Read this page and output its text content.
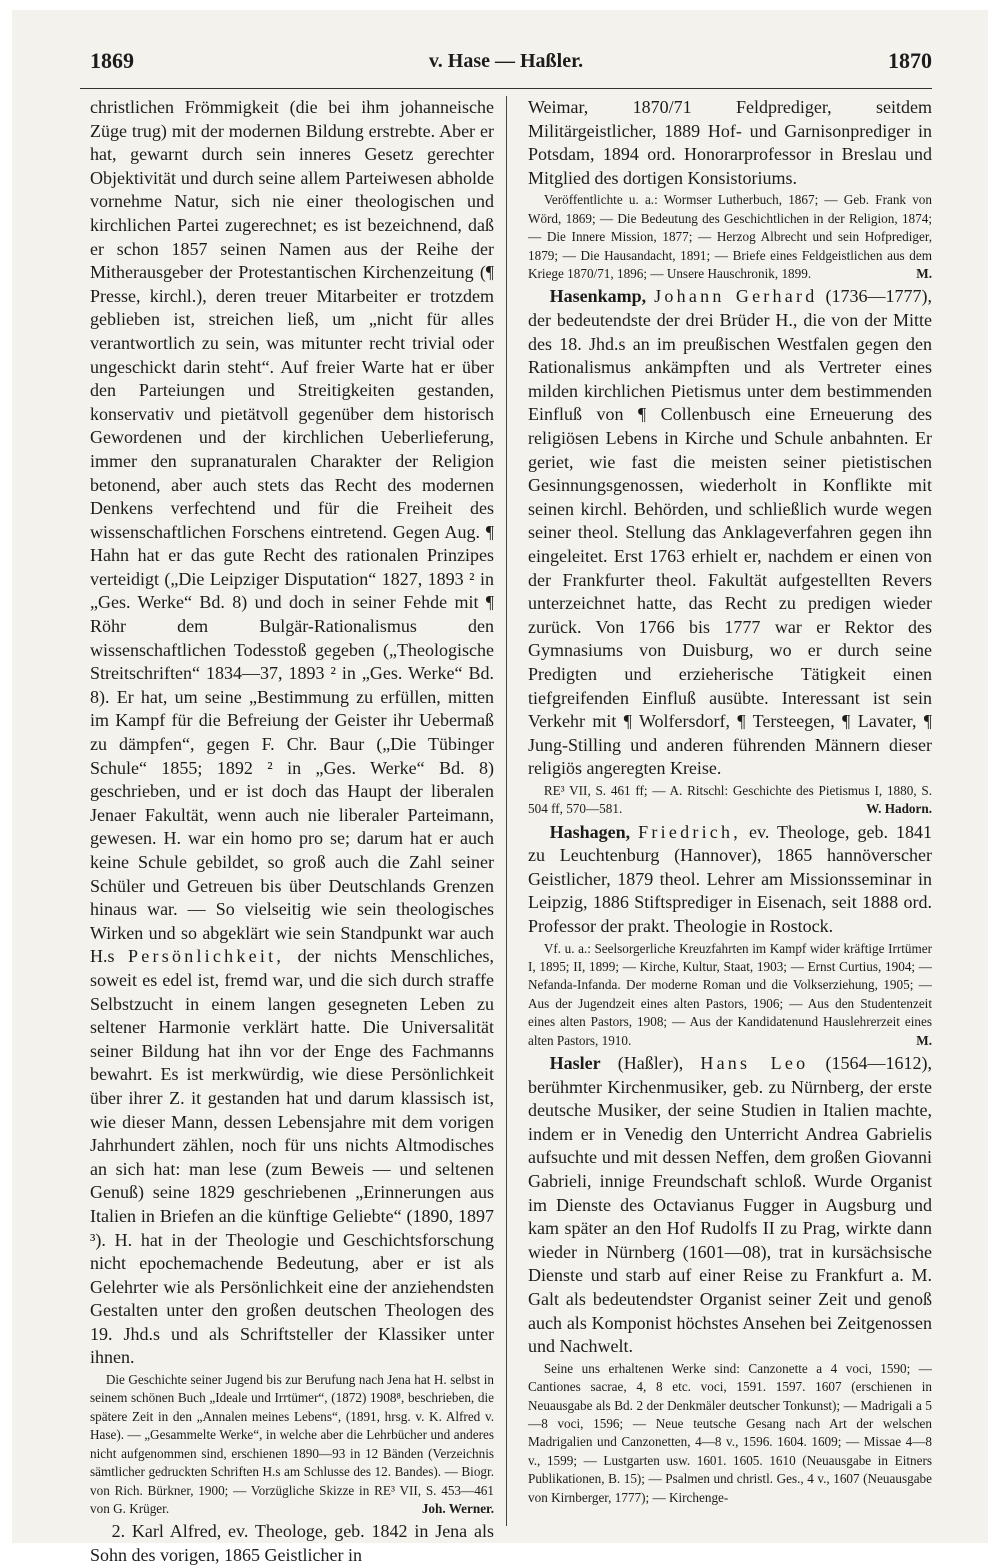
1869	v. Hase — Haßler.	1870

christlichen Frömmigkeit (die bei ihm johanneische Züge trug) mit der modernen Bildung erstrebte. Aber er hat, gewarnt durch sein inneres Gesetz gerechter Objektivität und durch seine allem Parteiwesen abholde vornehme Natur, sich nie einer theologischen und kirchlichen Partei zugerechnet; es ist bezeichnend, daß er schon 1857 seinen Namen aus der Reihe der Mitherausgeber der Protestantischen Kirchenzeitung (¶ Presse, kirchl.), deren treuer Mitarbeiter er trotzdem geblieben ist, streichen ließ, um „nicht für alles verantwortlich zu sein, was mitunter recht trivial oder ungeschickt darin steht“. Auf freier Warte hat er über den Parteiungen und Streitigkeiten gestanden, konservativ und pietätvoll gegenüber dem historisch Gewordenen und der kirchlichen Ueberlieferung, immer den supranaturalen Charakter der Religion betonend, aber auch stets das Recht des modernen Denkens verfechtend und für die Freiheit des wissenschaftlichen Forschens eintretend. Gegen Aug. ¶ Hahn hat er das gute Recht des rationalen Prinzipes verteidigt („Die Leipziger Disputation“ 1827, 1893 ² in „Ges. Werke“ Bd. 8) und doch in seiner Fehde mit ¶ Röhr dem Bulgär-Rationalismus den wissenschaftlichen Todesstoß gegeben („Theologische Streitschriften“ 1834—37, 1893 ² in „Ges. Werke“ Bd. 8). Er hat, um seine „Bestimmung zu erfüllen, mitten im Kampf für die Befreiung der Geister ihr Uebermaß zu dämpfen“, gegen F. Chr. Baur („Die Tübinger Schule“ 1855; 1892 ² in „Ges. Werke“ Bd. 8) geschrieben, und er ist doch das Haupt der liberalen Jenaer Fakultät, wenn auch nie liberaler Parteimann, gewesen. H. war ein homo pro se; darum hat er auch keine Schule gebildet, so groß auch die Zahl seiner Schüler und Getreuen bis über Deutschlands Grenzen hinaus war. — So vielseitig wie sein theologisches Wirken und so abgeklärt wie sein Standpunkt war auch H.s Persönlichkeit, der nichts Menschliches, soweit es edel ist, fremd war, und die sich durch straffe Selbstzucht in einem langen gesegneten Leben zu seltener Harmonie verklärt hatte. Die Universalität seiner Bildung hat ihn vor der Enge des Fachmanns bewahrt. Es ist merkwürdig, wie diese Persönlichkeit über ihrer Z. it gestanden hat und darum klassisch ist, wie dieser Mann, dessen Lebensjahre mit dem vorigen Jahrhundert zählen, noch für uns nichts Altmodisches an sich hat: man lese (zum Beweis — und seltenen Genuß) seine 1829 geschriebenen „Erinnerungen aus Italien in Briefen an die künftige Geliebte“ (1890, 1897 ³). H. hat in der Theologie und Geschichtsforschung nicht epochemachende Bedeutung, aber er ist als Gelehrter wie als Persönlichkeit eine der anziehendsten Gestalten unter den großen deutschen Theologen des 19. Jhd.s und als Schriftsteller der Klassiker unter ihnen.

Die Geschichte seiner Jugend bis zur Berufung nach Jena hat H. selbst in seinem schönen Buch „Ideale und Irrtümer“, (1872) 1908⁸, beschrieben, die spätere Zeit in den „Annalen meines Lebens“, (1891, hrsg. v. K. Alfred v. Hase). — „Gesammelte Werke“, in welche aber die Lehrbücher und anderes nicht aufgenommen sind, erschienen 1890—93 in 12 Bänden (Verzeichnis sämtlicher gedruckten Schriften H.s am Schlusse des 12. Bandes). — Biogr. von Rich. Bürkner, 1900; — Vorzügliche Skizze in RE³ VII, S. 453—461 von G. Krüger.	Joh. Werner.

2. Karl Alfred, ev. Theologe, geb. 1842 in Jena als Sohn des vorigen, 1865 Geistlicher in

Weimar, 1870/71 Feldprediger, seitdem Militärgeistlicher, 1889 Hof- und Garnisonprediger in Potsdam, 1894 ord. Honorarprofessor in Breslau und Mitglied des dortigen Konsistoriums.

Veröffentlichte u. a.: Wormser Lutherbuch, 1867; — Geb. Frank von Wörd, 1869; — Die Bedeutung des Geschichtlichen in der Religion, 1874; — Die Innere Mission, 1877; — Herzog Albrecht und sein Hofprediger, 1879; — Die Hausandacht, 1891; — Briefe eines Feldgeistlichen aus dem Kriege 1870/71, 1896; — Unsere Hauschronik, 1899.	M.

Hasenkamp, Johann Gerhard (1736—1777), der bedeutendste der drei Brüder H., die von der Mitte des 18. Jhd.s an im preußischen Westfalen gegen den Rationalismus ankämpften und als Vertreter eines milden kirchlichen Pietismus unter dem bestimmenden Einfluß von ¶ Collenbusch eine Erneuerung des religiösen Lebens in Kirche und Schule anbahnten. Er geriet, wie fast die meisten seiner pietistischen Gesinnungsgenossen, wiederholt in Konflikte mit seinen kirchl. Behörden, und schließlich wurde wegen seiner theol. Stellung das Anklageverfahren gegen ihn eingeleitet. Erst 1763 erhielt er, nachdem er einen von der Frankfurter theol. Fakultät aufgestellten Revers unterzeichnet hatte, das Recht zu predigen wieder zurück. Von 1766 bis 1777 war er Rektor des Gymnasiums von Duisburg, wo er durch seine Predigten und erzieherische Tätigkeit einen tiefgreifenden Einfluß ausübte. Interessant ist sein Verkehr mit ¶ Wolfersdorf, ¶ Tersteegen, ¶ Lavater, ¶ Jung-Stilling und anderen führenden Männern dieser religiös angeregten Kreise.

RE³ VII, S. 461 ff; — A. Ritschl: Geschichte des Pietismus I, 1880, S. 504 ff, 570—581.	W. Hadorn.

Hashagen, Friedrich, ev. Theologe, geb. 1841 zu Leuchtenburg (Hannover), 1865 hannöverscher Geistlicher, 1879 theol. Lehrer am Missionsseminar in Leipzig, 1886 Stiftsprediger in Eisenach, seit 1888 ord. Professor der prakt. Theologie in Rostock.

Vf. u. a.: Seelsorgerliche Kreuzfahrten im Kampf wider kräftige Irrtümer I, 1895; II, 1899; — Kirche, Kultur, Staat, 1903; — Ernst Curtius, 1904; — Nefanda-Infanda. Der moderne Roman und die Volkserziehung, 1905; — Aus der Jugendzeit eines alten Pastors, 1906; — Aus den Studentenzeit eines alten Pastors, 1908; — Aus der Kandidatenund Hauslehrerzeit eines alten Pastors, 1910.	M.

Hasler (Haßler), Hans Leo (1564—1612), berühmter Kirchenmusiker, geb. zu Nürnberg, der erste deutsche Musiker, der seine Studien in Italien machte, indem er in Venedig den Unterricht Andrea Gabrielis aufsuchte und mit dessen Neffen, dem großen Giovanni Gabrieli, innige Freundschaft schloß. Wurde Organist im Dienste des Octavianus Fugger in Augsburg und kam später an den Hof Rudolfs II zu Prag, wirkte dann wieder in Nürnberg (1601—08), trat in kursächsische Dienste und starb auf einer Reise zu Frankfurt a. M. Galt als bedeutendster Organist seiner Zeit und genoß auch als Komponist höchstes Ansehen bei Zeitgenossen und Nachwelt.

Seine uns erhaltenen Werke sind: Canzonette a 4 voci, 1590; — Cantiones sacrae, 4, 8 etc. voci, 1591. 1597. 1607 (erschienen in Neuausgabe als Bd. 2 der Denkmäler deutscher Tonkunst); — Madrigali a 5—8 voci, 1596; — Neue teutsche Gesang nach Art der welschen Madrigalien und Canzonetten, 4—8 v., 1596. 1604. 1609; — Missae 4—8 v., 1599; — Lustgarten usw. 1601. 1605. 1610 (Neuausgabe in Eitners Publikationen, B. 15); — Psalmen und christl. Ges., 4 v., 1607 (Neuausgabe von Kirnberger, 1777); — Kirchenge-
